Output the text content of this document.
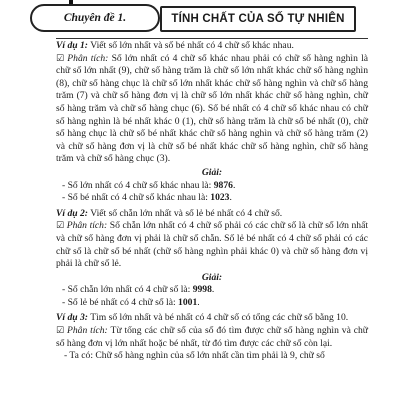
Chuyên đề 1.	TÍNH CHẤT CỦA SỐ TỰ NHIÊN

Ví dụ 1: Viết số lớn nhất và số bé nhất có 4 chữ số khác nhau.

☑ Phân tích: Số lớn nhất có 4 chữ số khác nhau phải có chữ số hàng nghìn là chữ số lớn nhất (9), chữ số hàng trăm là chữ số lớn nhất khác chữ số hàng nghìn (8), chữ số hàng chục là chữ số lớn nhất khác chữ số hàng nghìn và chữ số hàng trăm (7) và chữ số hàng đơn vị là chữ số lớn nhất khác chữ số hàng nghìn, chữ số hàng trăm và chữ số hàng chục (6). Số bé nhất có 4 chữ số khác nhau có chữ số hàng nghìn là bé nhất khác 0 (1), chữ số hàng trăm là chữ số bé nhất (0), chữ số hàng chục là chữ số bé nhất khác chữ số hàng nghìn và chữ số hàng trăm (2) và chữ số hàng đơn vị là chữ số bé nhất khác chữ số hàng nghìn, chữ số hàng trăm và chữ số hàng chục (3).

Giải:

- Số lớn nhất có 4 chữ số khác nhau là: 9876.

- Số bé nhất có 4 chữ số khác nhau là: 1023.

Ví dụ 2: Viết số chẵn lớn nhất và số lẻ bé nhất có 4 chữ số.

☑ Phân tích: Số chẵn lớn nhất có 4 chữ số phải có các chữ số là chữ số lớn nhất và chữ số hàng đơn vị phải là chữ số chẵn. Số lẻ bé nhất có 4 chữ số phải có các chữ số là chữ số bé nhất (chữ số hàng nghìn phải khác 0) và chữ số hàng đơn vị phải là chữ số lẻ.

Giải:

- Số chẵn lớn nhất có 4 chữ số là: 9998.

- Số lẻ bé nhất có 4 chữ số là: 1001.

Ví dụ 3: Tìm số lớn nhất và bé nhất có 4 chữ số có tổng các chữ số bằng 10.

☑ Phân tích: Từ tổng các chữ số của số đó tìm được chữ số hàng nghìn và chữ số hàng đơn vị lớn nhất hoặc bé nhất, từ đó tìm được các chữ số còn lại.

- Ta có: Chữ số hàng nghìn của số lớn nhất cần tìm phải là 9, chữ số
